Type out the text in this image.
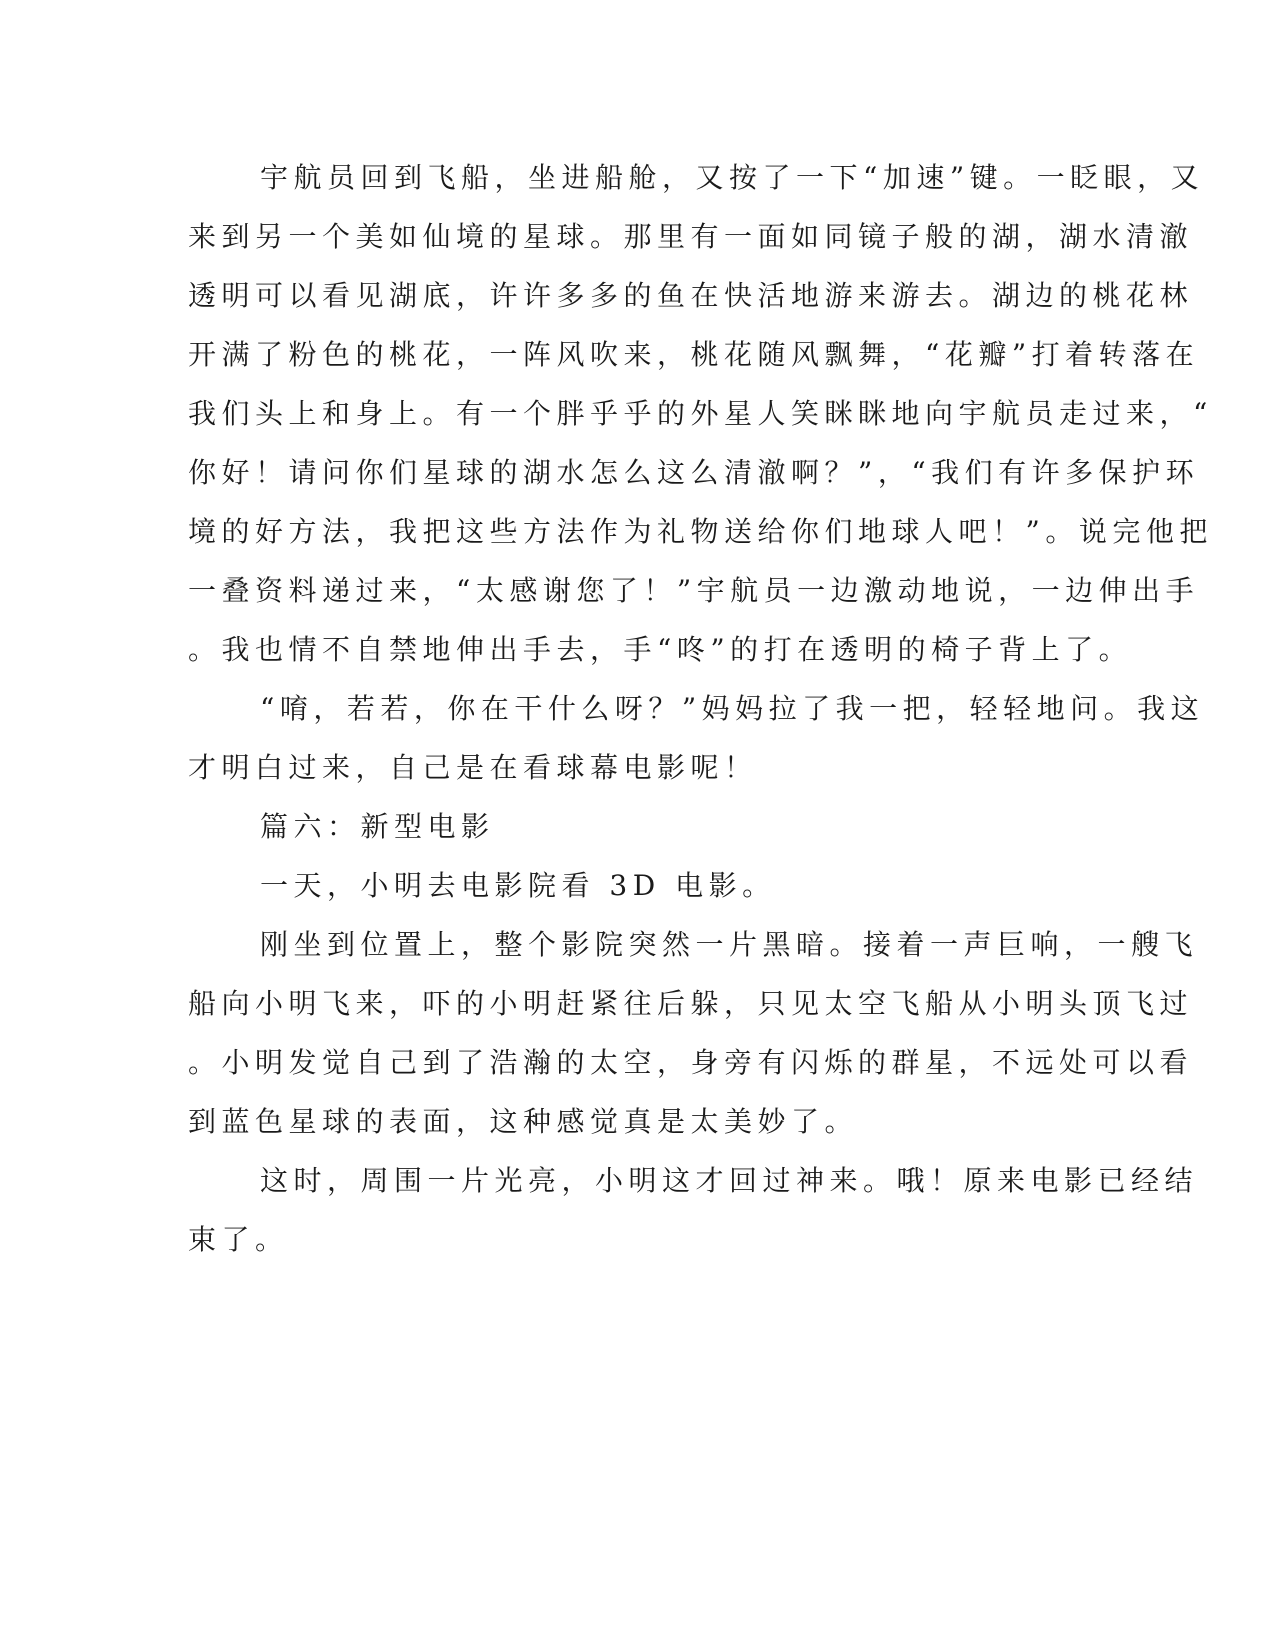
宇航员回到飞船，坐进船舱，又按了一下“加速”键。一眨眼，又
来到另一个美如仙境的星球。那里有一面如同镜子般的湖，湖水清澈
透明可以看见湖底，许许多多的鱼在快活地游来游去。湖边的桃花林
开满了粉色的桃花，一阵风吹来，桃花随风飘舞，“花瓣”打着转落在
我们头上和身上。有一个胖乎乎的外星人笑眯眯地向宇航员走过来，“
你好！请问你们星球的湖水怎么这么清澈啊？”，“我们有许多保护环
境的好方法，我把这些方法作为礼物送给你们地球人吧！”。说完他把
一叠资料递过来，“太感谢您了！”宇航员一边激动地说，一边伸出手
。我也情不自禁地伸出手去，手“咚”的打在透明的椅子背上了。
“唷，若若，你在干什么呀？”妈妈拉了我一把，轻轻地问。我这
才明白过来，自己是在看球幕电影呢！
篇六：新型电影
一天，小明去电影院看 3D 电影。
刚坐到位置上，整个影院突然一片黑暗。接着一声巨响，一艘飞
船向小明飞来，吓的小明赶紧往后躲，只见太空飞船从小明头顶飞过
。小明发觉自己到了浩瀚的太空，身旁有闪烁的群星，不远处可以看
到蓝色星球的表面，这种感觉真是太美妙了。
这时，周围一片光亮，小明这才回过神来。哦！原来电影已经结
束了。
